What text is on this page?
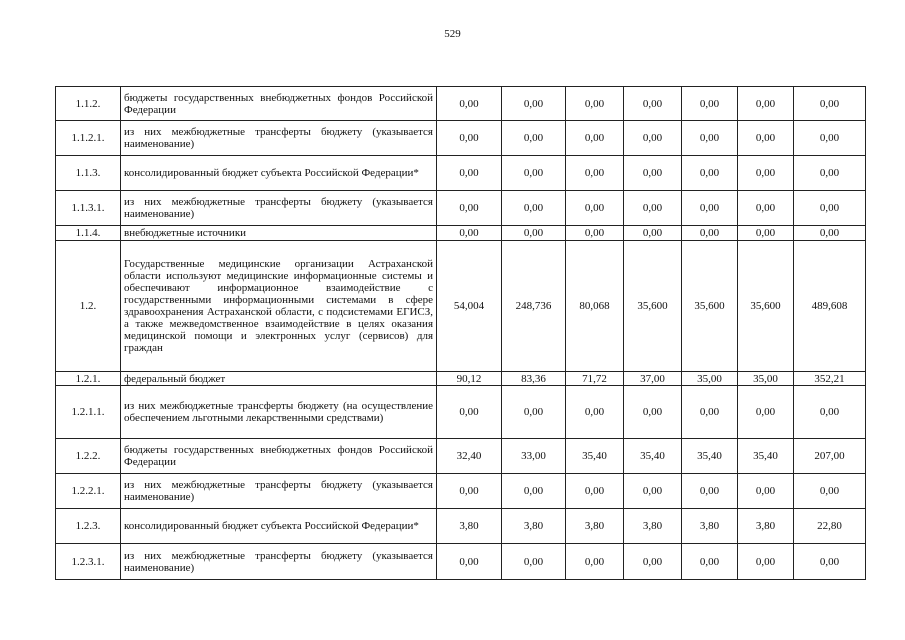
529
1.1.2.	бюджеты государственных внебюджетных фондов Российской Федерации	0,00	0,00	0,00	0,00	0,00	0,00	0,00
1.1.2.1.	из них межбюджетные трансферты бюджету (указывается наименование)	0,00	0,00	0,00	0,00	0,00	0,00	0,00
1.1.3.	консолидированный бюджет субъекта Российской Федерации*	0,00	0,00	0,00	0,00	0,00	0,00	0,00
1.1.3.1.	из них межбюджетные трансферты бюджету (указывается наименование)	0,00	0,00	0,00	0,00	0,00	0,00	0,00
1.1.4.	внебюджетные источники	0,00	0,00	0,00	0,00	0,00	0,00	0,00
1.2.	Государственные медицинские организации Астраханской области используют медицинские информационные системы и обеспечивают информационное взаимодействие с государственными информационными системами в сфере здравоохранения Астраханской области, с подсистемами ЕГИСЗ, а также межведомственное взаимодействие в целях оказания медицинской помощи и электронных услуг (сервисов) для граждан	54,004	248,736	80,068	35,600	35,600	35,600	489,608
1.2.1.	федеральный бюджет	90,12	83,36	71,72	37,00	35,00	35,00	352,21
1.2.1.1.	из них межбюджетные трансферты бюджету (на осуществление обеспечением льготными лекарственными средствами)	0,00	0,00	0,00	0,00	0,00	0,00	0,00
1.2.2.	бюджеты государственных внебюджетных фондов Российской Федерации	32,40	33,00	35,40	35,40	35,40	35,40	207,00
1.2.2.1.	из них межбюджетные трансферты бюджету (указывается наименование)	0,00	0,00	0,00	0,00	0,00	0,00	0,00
1.2.3.	консолидированный бюджет субъекта Российской Федерации*	3,80	3,80	3,80	3,80	3,80	3,80	22,80
1.2.3.1.	из них межбюджетные трансферты бюджету (указывается наименование)	0,00	0,00	0,00	0,00	0,00	0,00	0,00
